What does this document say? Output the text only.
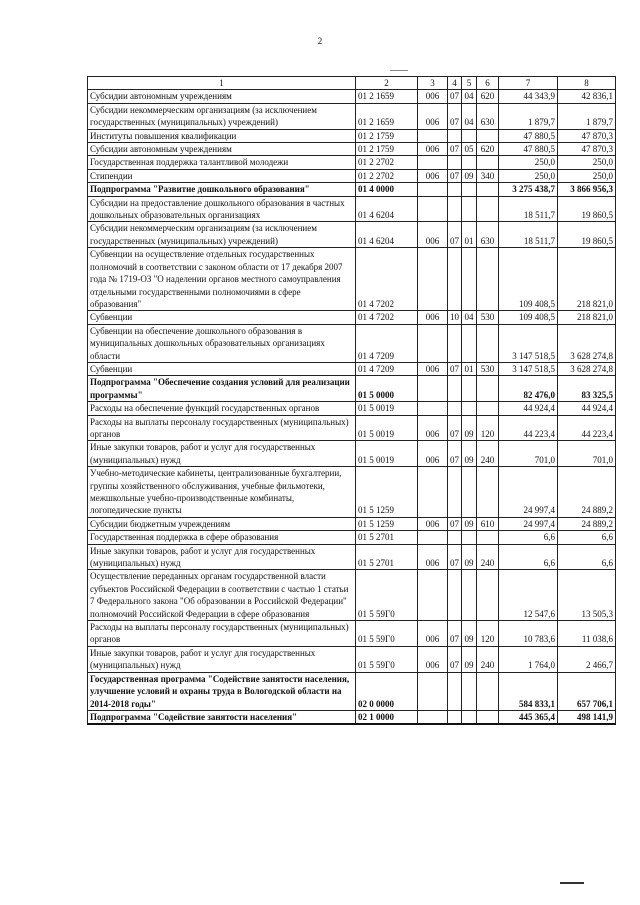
2
1	2	3	4	5	6	7	8
Субсидии автономным учреждениям	01 2 1659	006	07	04	620	44 343,9	42 836,1
Субсидии некоммерческим организациям (за исключением государственных (муниципальных) учреждений)	01 2 1659	006	07	04	630	1 879,7	1 879,7
Институты повышения квалификации	01 2 1759					47 880,5	47 870,3
Субсидии автономным учреждениям	01 2 1759	006	07	05	620	47 880,5	47 870,3
Государственная поддержка талантливой молодежи	01 2 2702					250,0	250,0
Стипендии	01 2 2702	006	07	09	340	250,0	250,0
Подпрограмма "Развитие дошкольного образования"	01 4 0000					3 275 438,7	3 866 956,3
Субсидии на предоставление дошкольного образования в частных дошкольных образовательных организациях	01 4 6204					18 511,7	19 860,5
Субсидии некоммерческим организациям (за исключением государственных (муниципальных) учреждений)	01 4 6204	006	07	01	630	18 511,7	19 860,5
Субвенции на осуществление отдельных государственных полномочий в соответствии с законом области от 17 декабря 2007 года № 1719-ОЗ "О наделении органов местного самоуправления отдельными государственными полномочиями в сфере образования"	01 4 7202					109 408,5	218 821,0
Субвенции	01 4 7202	006	10	04	530	109 408,5	218 821,0
Субвенции на обеспечение дошкольного образования в муниципальных дошкольных образовательных организациях области	01 4 7209					3 147 518,5	3 628 274,8
Субвенции	01 4 7209	006	07	01	530	3 147 518,5	3 628 274,8
Подпрограмма "Обеспечение создания условий для реализации программы"	01 5 0000					82 476,0	83 325,5
Расходы на обеспечение функций государственных органов	01 5 0019					44 924,4	44 924,4
Расходы на выплаты персоналу государственных (муниципальных) органов	01 5 0019	006	07	09	120	44 223,4	44 223,4
Иные закупки товаров, работ и услуг для государственных (муниципальных) нужд	01 5 0019	006	07	09	240	701,0	701,0
Учебно-методические кабинеты, централизованные бухгалтерии, группы хозяйственного обслуживания, учебные фильмотеки, межшкольные учебно-производственные комбинаты, логопедические пункты	01 5 1259					24 997,4	24 889,2
Субсидии бюджетным учреждениям	01 5 1259	006	07	09	610	24 997,4	24 889,2
Государственная поддержка в сфере образования	01 5 2701					6,6	6,6
Иные закупки товаров, работ и услуг для государственных (муниципальных) нужд	01 5 2701	006	07	09	240	6,6	6,6
Осуществление переданных органам государственной власти субъектов Российской Федерации в соответствии с частью 1 статьи 7 Федерального закона "Об образовании в Российской Федерации" полномочий Российской Федерации в сфере образования	01 5 59Г0					12 547,6	13 505,3
Расходы на выплаты персоналу государственных (муниципальных) органов	01 5 59Г0	006	07	09	120	10 783,6	11 038,6
Иные закупки товаров, работ и услуг для государственных (муниципальных) нужд	01 5 59Г0	006	07	09	240	1 764,0	2 466,7
Государственная программа "Содействие занятости населения, улучшение условий и охраны труда в Вологодской области на 2014-2018 годы"	02 0 0000					584 833,1	657 706,1
Подпрограмма "Содействие занятости населения"	02 1 0000					445 365,4	498 141,9
